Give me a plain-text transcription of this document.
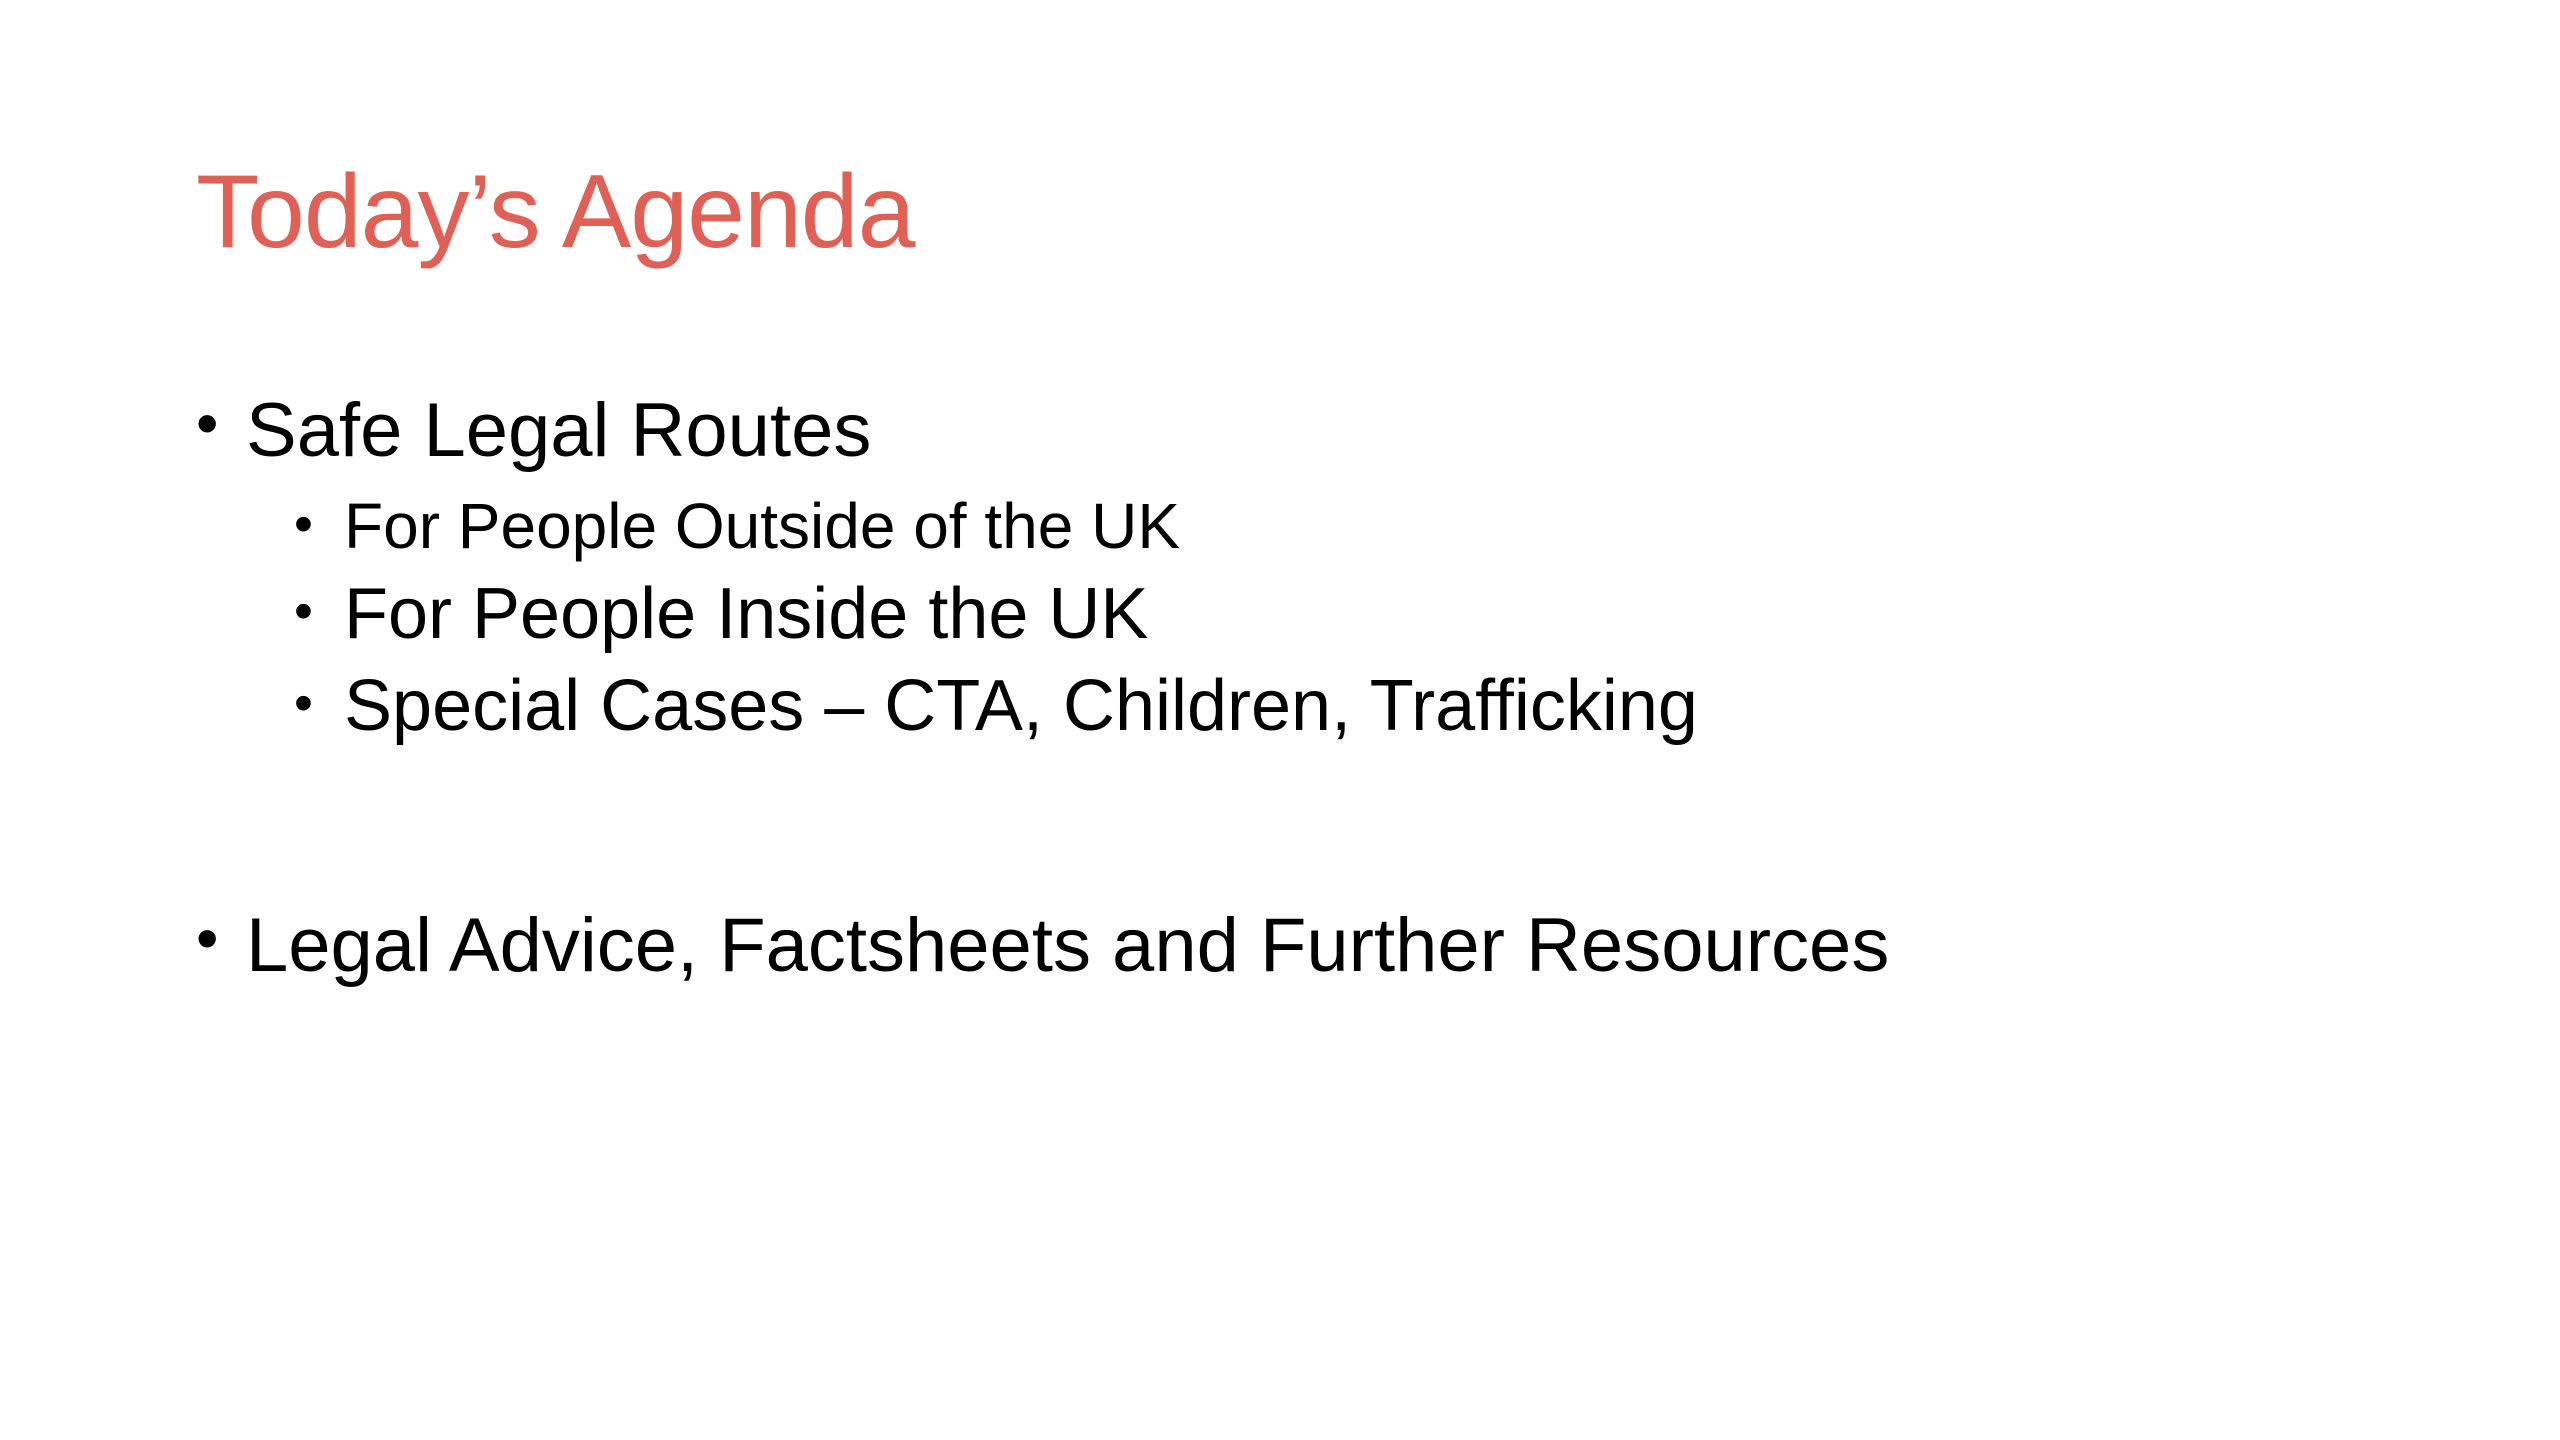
Today’s Agenda
• Safe Legal Routes
• For People Outside of the UK
• For People Inside the UK
• Special Cases – CTA, Children, Trafficking
• Legal Advice, Factsheets and Further Resources
